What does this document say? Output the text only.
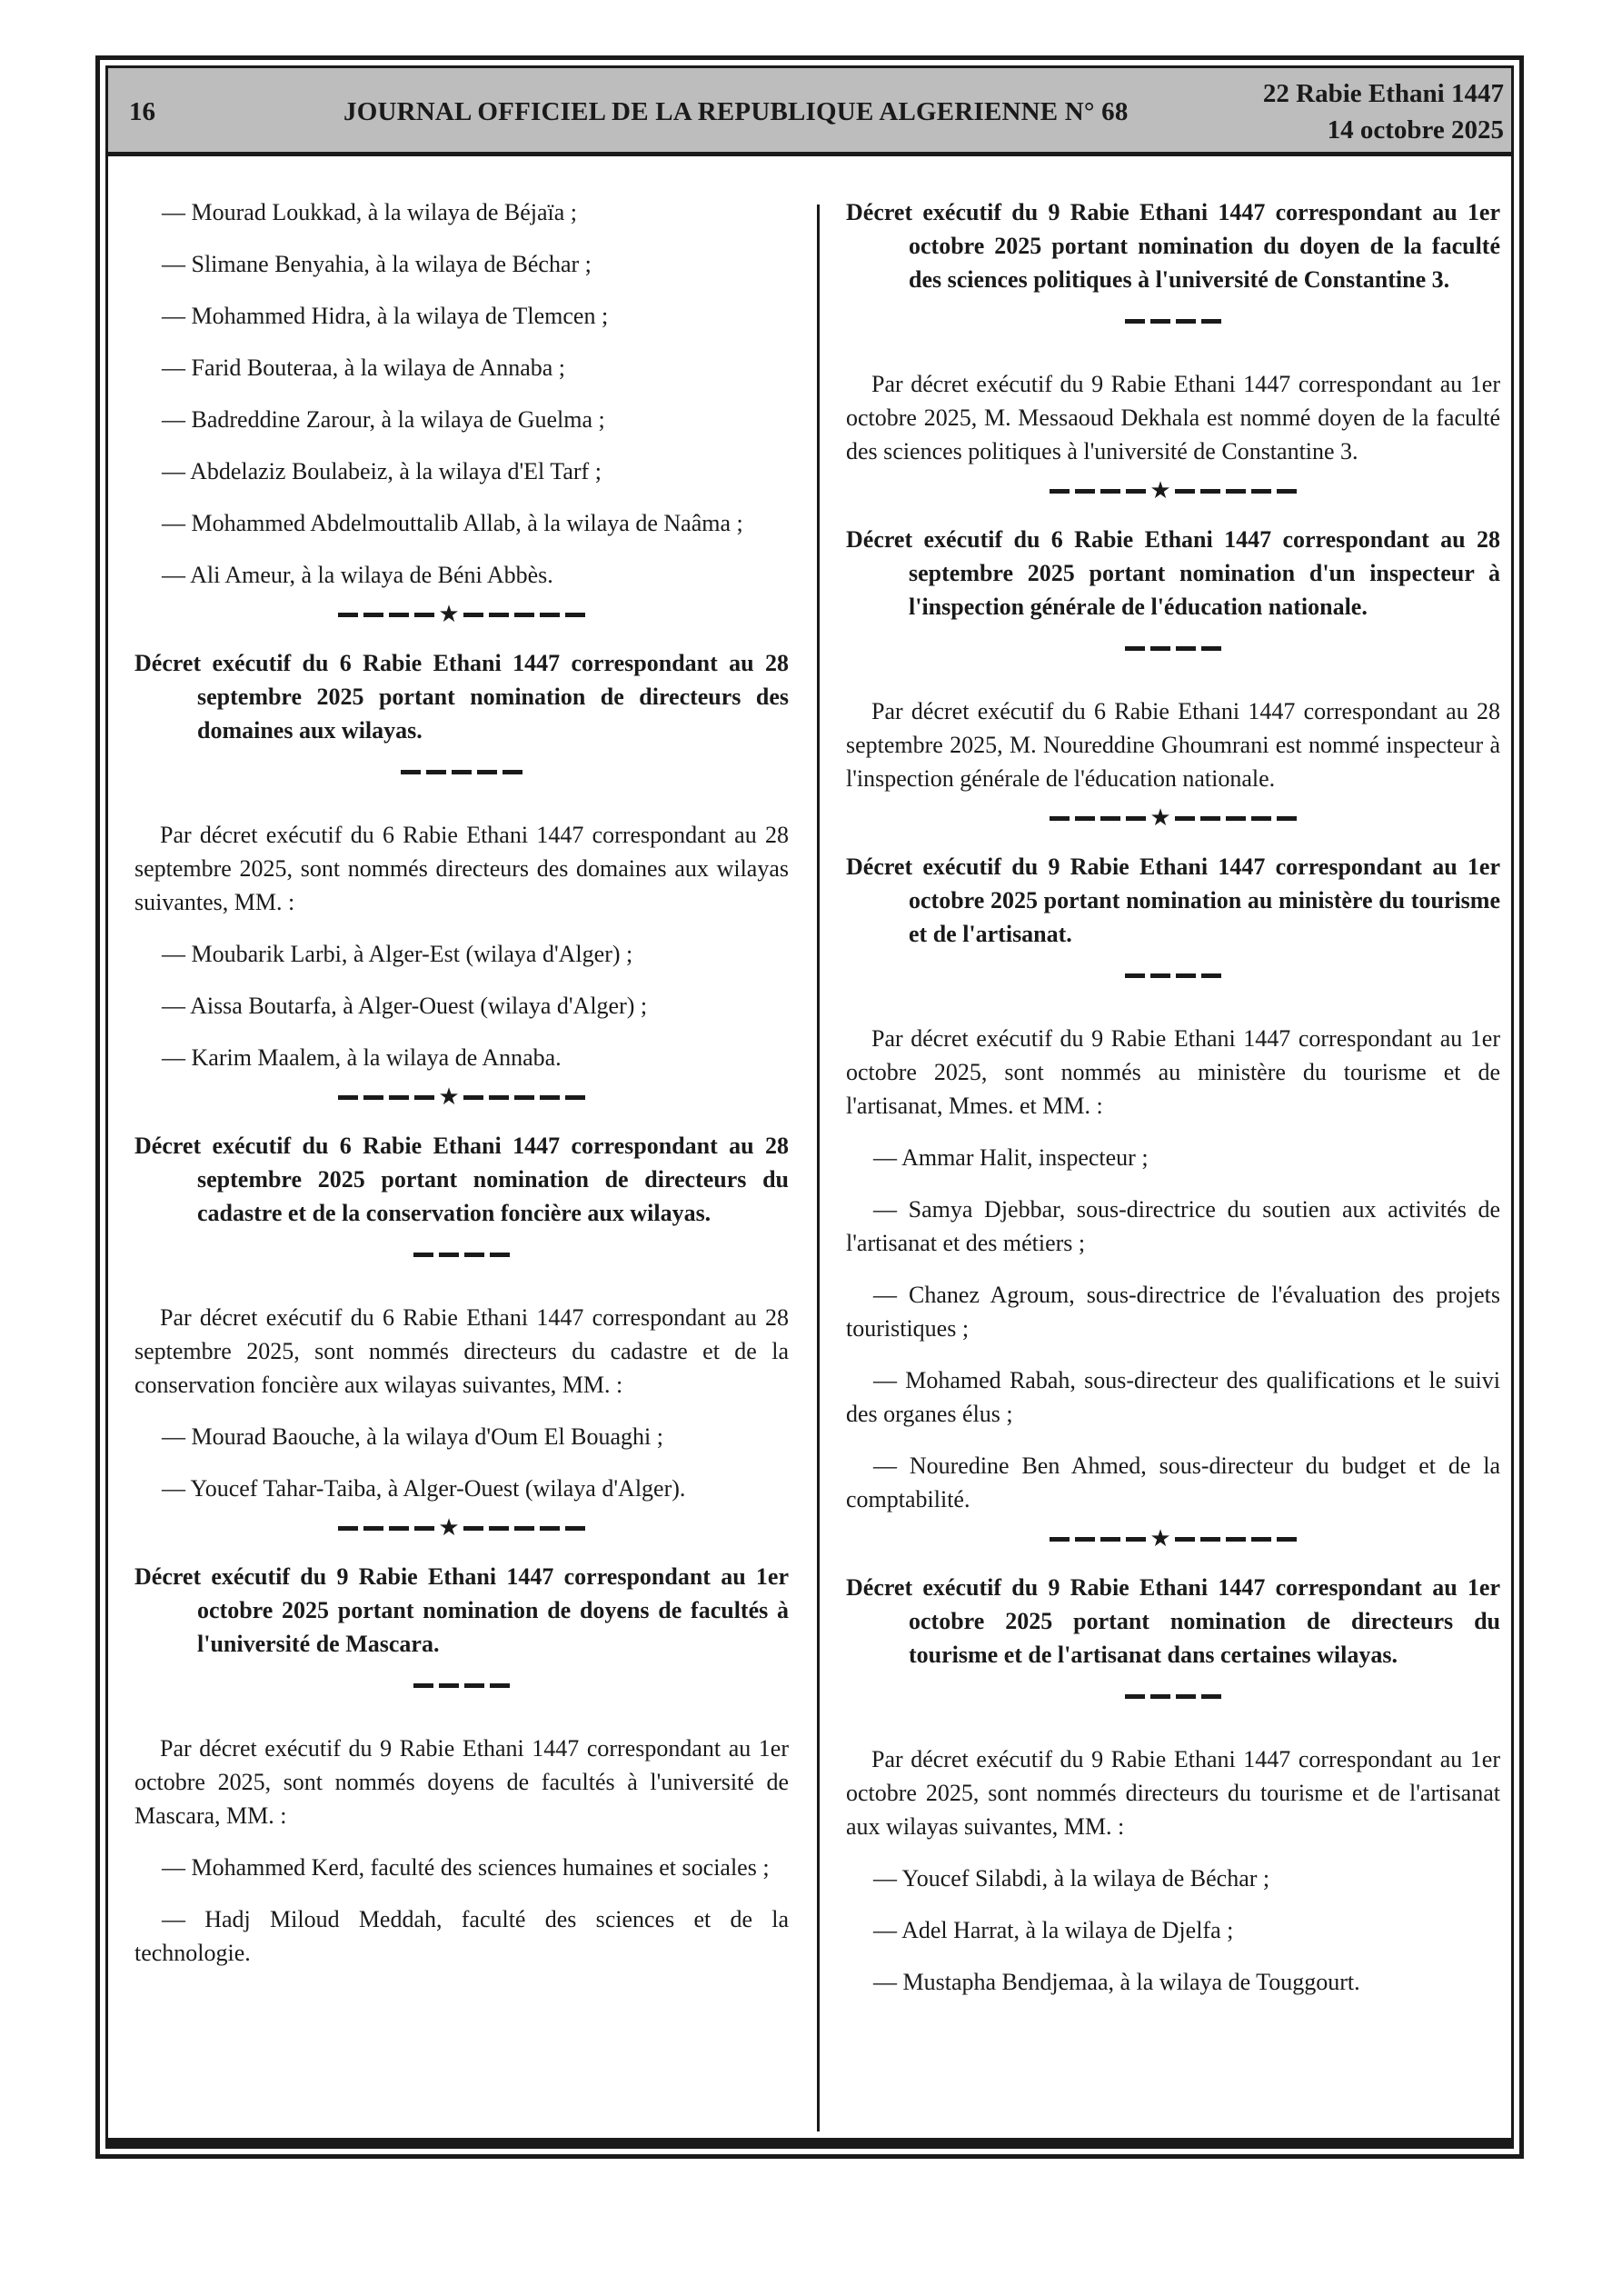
16	JOURNAL OFFICIEL DE LA REPUBLIQUE ALGERIENNE N° 68
22 Rabie Ethani 1447
14 octobre 2025
— Mourad Loukkad, à la wilaya de Béjaïa ;
— Slimane Benyahia, à la wilaya de Béchar ;
— Mohammed Hidra, à la wilaya de Tlemcen ;
— Farid Bouteraa, à la wilaya de Annaba ;
— Badreddine Zarour, à la wilaya de Guelma ;
— Abdelaziz Boulabeiz, à la wilaya d'El Tarf ;
— Mohammed Abdelmouttalib Allab, à la wilaya de Naâma ;
— Ali Ameur, à la wilaya de Béni Abbès.
★
Décret exécutif du 6 Rabie Ethani 1447 correspondant au 28 septembre 2025 portant nomination de directeurs des domaines aux wilayas.
Par décret exécutif du 6 Rabie Ethani 1447 correspondant au 28 septembre 2025, sont nommés directeurs des domaines aux wilayas suivantes, MM. :
— Moubarik Larbi, à Alger-Est (wilaya d'Alger) ;
— Aissa Boutarfa, à Alger-Ouest (wilaya d'Alger) ;
— Karim Maalem, à la wilaya de Annaba.
★
Décret exécutif du 6 Rabie Ethani 1447 correspondant au 28 septembre 2025 portant nomination de directeurs du cadastre et de la conservation foncière aux wilayas.
Par décret exécutif du 6 Rabie Ethani 1447 correspondant au 28 septembre 2025, sont nommés directeurs du cadastre et de la conservation foncière aux wilayas suivantes, MM. :
— Mourad Baouche, à la wilaya d'Oum El Bouaghi ;
— Youcef Tahar-Taiba, à Alger-Ouest (wilaya d'Alger).
★
Décret exécutif du 9 Rabie Ethani 1447 correspondant au 1er octobre 2025 portant nomination de doyens de facultés à l'université de Mascara.
Par décret exécutif du 9 Rabie Ethani 1447 correspondant au 1er octobre 2025, sont nommés doyens de facultés à l'université de Mascara, MM. :
— Mohammed Kerd, faculté des sciences humaines et sociales ;
— Hadj Miloud Meddah, faculté des sciences et de la technologie.
Décret exécutif du 9 Rabie Ethani 1447 correspondant au 1er octobre 2025 portant nomination du doyen de la faculté des sciences politiques à l'université de Constantine 3.
Par décret exécutif du 9 Rabie Ethani 1447 correspondant au 1er octobre 2025, M. Messaoud Dekhala est nommé doyen de la faculté des sciences politiques à l'université de Constantine 3.
★
Décret exécutif du 6 Rabie Ethani 1447 correspondant au 28 septembre 2025 portant nomination d'un inspecteur à l'inspection générale de l'éducation nationale.
Par décret exécutif du 6 Rabie Ethani 1447 correspondant au 28 septembre 2025, M. Noureddine Ghoumrani est nommé inspecteur à l'inspection générale de l'éducation nationale.
★
Décret exécutif du 9 Rabie Ethani 1447 correspondant au 1er octobre 2025 portant nomination au ministère du tourisme et de l'artisanat.
Par décret exécutif du 9 Rabie Ethani 1447 correspondant au 1er octobre 2025, sont nommés au ministère du tourisme et de l'artisanat, Mmes. et MM. :
— Ammar Halit, inspecteur ;
— Samya Djebbar, sous-directrice du soutien aux activités de l'artisanat et des métiers ;
— Chanez Agroum, sous-directrice de l'évaluation des projets touristiques ;
— Mohamed Rabah, sous-directeur des qualifications et le suivi des organes élus ;
— Nouredine Ben Ahmed, sous-directeur du budget et de la comptabilité.
★
Décret exécutif du 9 Rabie Ethani 1447 correspondant au 1er octobre 2025 portant nomination de directeurs du tourisme et de l'artisanat dans certaines wilayas.
Par décret exécutif du 9 Rabie Ethani 1447 correspondant au 1er octobre 2025, sont nommés directeurs du tourisme et de l'artisanat aux wilayas suivantes, MM. :
— Youcef Silabdi, à la wilaya de Béchar ;
— Adel Harrat, à la wilaya de Djelfa ;
— Mustapha Bendjemaa, à la wilaya de Touggourt.
